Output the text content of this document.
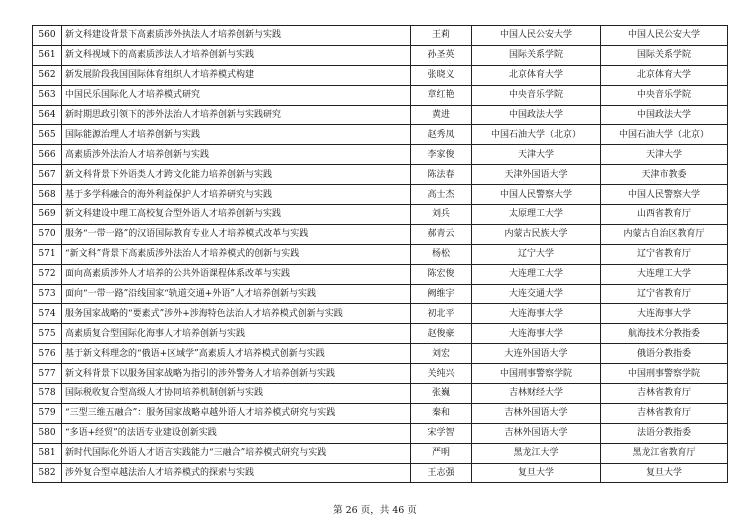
560	新文科建设背景下高素质涉外执法人才培养创新与实践	王莉	中国人民公安大学	中国人民公安大学
561	新文科视域下的高素质涉法人才培养创新与实践	孙圣英	国际关系学院	国际关系学院
562	新发展阶段我国国际体育组织人才培养模式构建	张晓义	北京体育大学	北京体育大学
563	中国民乐国际化人才培养模式研究	章红艳	中央音乐学院	中央音乐学院
564	新时期思政引领下的涉外法治人才培养创新与实践研究	黄进	中国政法大学	中国政法大学
565	国际能源治理人才培养创新与实践	赵秀凤	中国石油大学（北京）	中国石油大学（北京）
566	高素质涉外法治人才培养创新与实践	李家俊	天津大学	天津大学
567	新文科背景下外语类人才跨文化能力培养创新与实践	陈法春	天津外国语大学	天津市教委
568	基于多学科融合的海外利益保护人才培养研究与实践	高士杰	中国人民警察大学	中国人民警察大学
569	新文科建设中理工高校复合型外语人才培养创新与实践	刘兵	太原理工大学	山西省教育厅
570	服务“一带一路”的汉语国际教育专业人才培养模式改革与实践	郝青云	内蒙古民族大学	内蒙古自治区教育厅
571	“新文科”背景下高素质涉外法治人才培养模式的创新与实践	杨松	辽宁大学	辽宁省教育厅
572	面向高素质涉外人才培养的公共外语课程体系改革与实践	陈宏俊	大连理工大学	大连理工大学
573	面向“一带一路”沿线国家“轨道交通+外语”人才培养创新与实践	阙维宇	大连交通大学	辽宁省教育厅
574	服务国家战略的“要素式”涉外+涉海特色法治人才培养模式创新与实践	初北平	大连海事大学	大连海事大学
575	高素质复合型国际化海事人才培养创新与实践	赵俊豪	大连海事大学	航海技术分教指委
576	基于新文科理念的“俄语+区域学”高素质人才培养模式创新与实践	刘宏	大连外国语大学	俄语分教指委
577	新文科背景下以服务国家战略为指引的涉外警务人才培养创新与实践	关纯兴	中国刑事警察学院	中国刑事警察学院
578	国际税收复合型高级人才协同培养机制创新与实践	张巍	吉林财经大学	吉林省教育厅
579	“三型三维五融合”：服务国家战略卓越外语人才培养模式研究与实践	秦和	吉林外国语大学	吉林省教育厅
580	“多语+经贸”的法语专业建设创新实践	宋学智	吉林外国语大学	法语分教指委
581	新时代国际化外语人才语言实践能力“三融合”培养模式研究与实践	严明	黑龙江大学	黑龙江省教育厅
582	涉外复合型卓越法治人才培养模式的探索与实践	王志强	复旦大学	复旦大学
第 26 页，共 46 页
